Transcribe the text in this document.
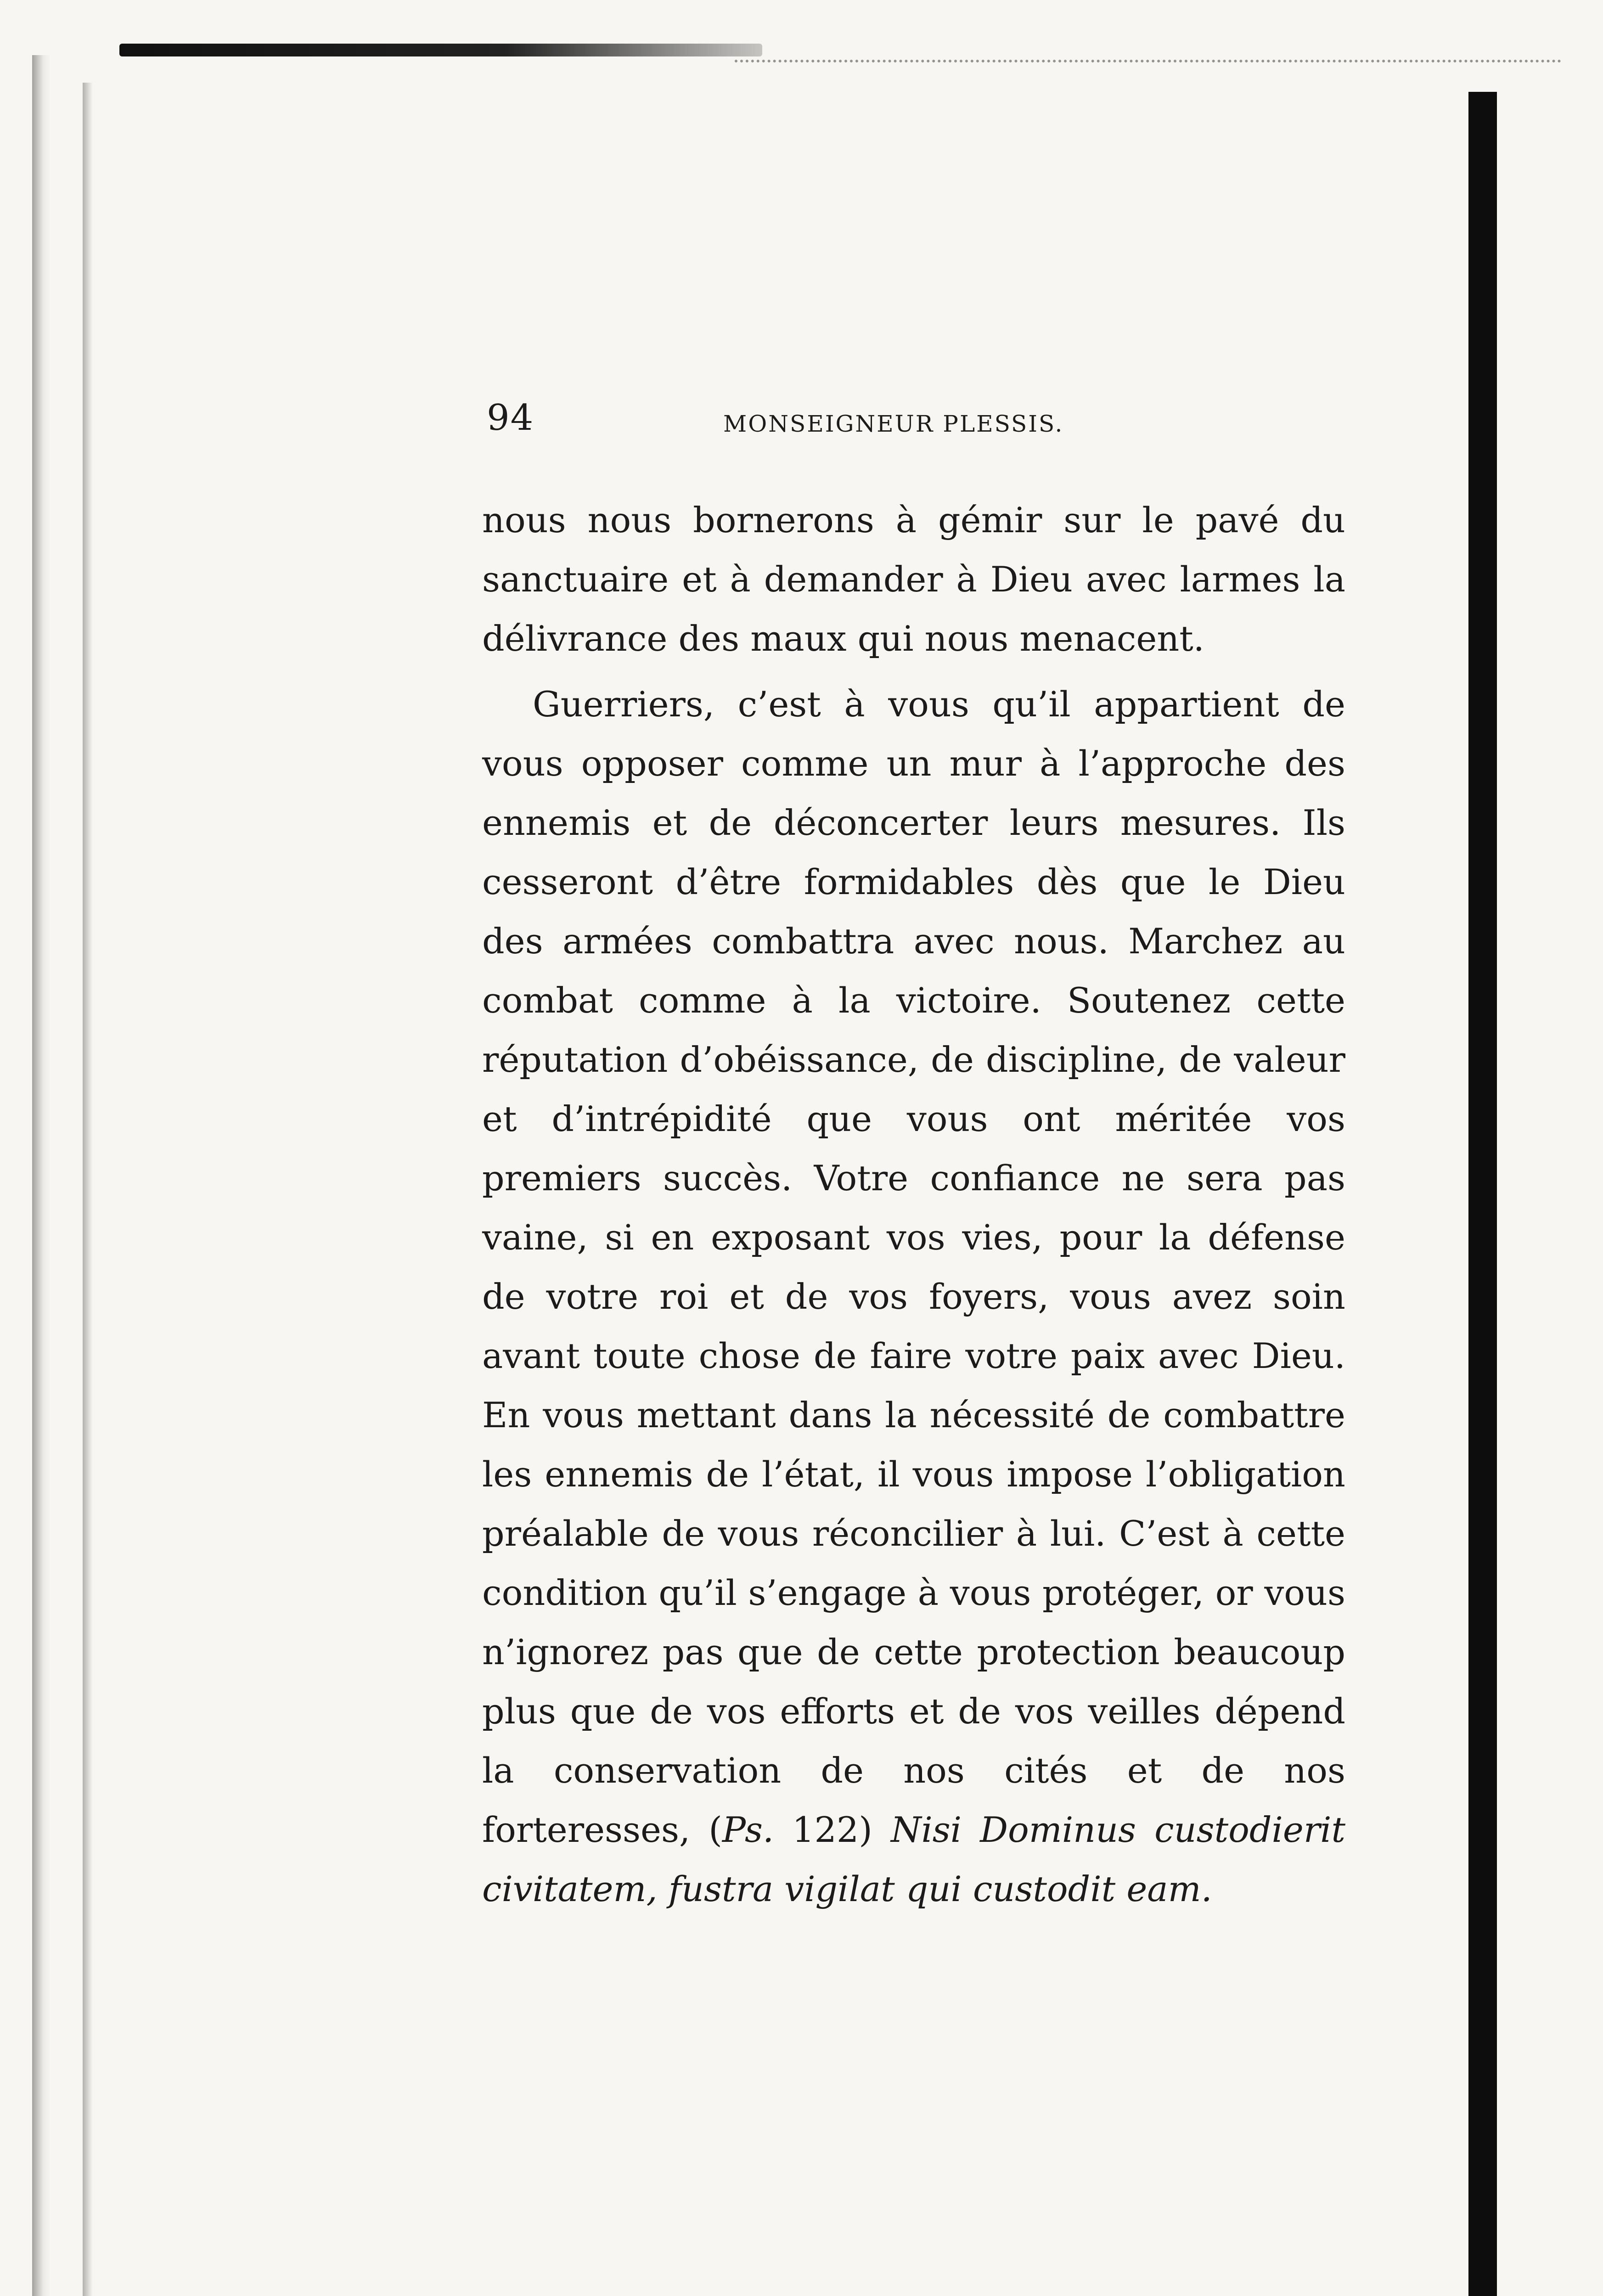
94	MONSEIGNEUR PLESSIS.

nous nous bornerons à gémir sur le pavé du sanctuaire et à demander à Dieu avec larmes la délivrance des maux qui nous menacent.

Guerriers, c’est à vous qu’il appartient de vous opposer comme un mur à l’approche des ennemis et de déconcerter leurs mesures. Ils cesseront d’être formidables dès que le Dieu des armées combattra avec nous. Marchez au combat comme à la victoire. Soutenez cette réputation d’obéissance, de discipline, de valeur et d’intrépidité que vous ont méritée vos premiers succès. Votre confiance ne sera pas vaine, si en exposant vos vies, pour la défense de votre roi et de vos foyers, vous avez soin avant toute chose de faire votre paix avec Dieu. En vous mettant dans la nécessité de combattre les ennemis de l’état, il vous impose l’obligation préalable de vous réconcilier à lui. C’est à cette condition qu’il s’engage à vous protéger, or vous n’ignorez pas que de cette protection beaucoup plus que de vos efforts et de vos veilles dépend la conservation de nos cités et de nos forteresses, (Ps. 122) Nisi Dominus custodierit civitatem, fustra vigilat qui custodit eam.
